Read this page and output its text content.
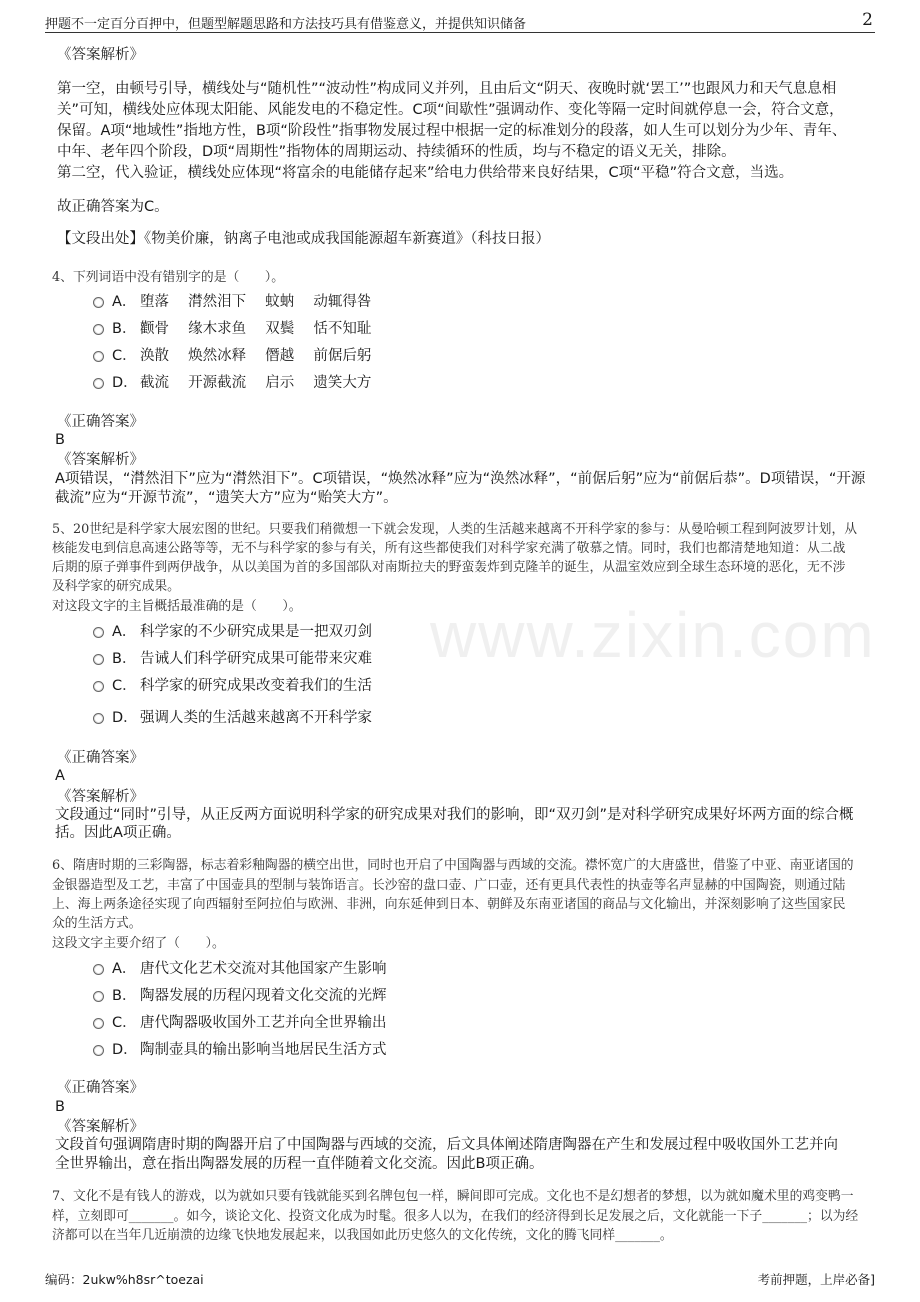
押题不一定百分百押中，但题型解题思路和方法技巧具有借鉴意义，并提供知识储备	2
www.zixin.com
《答案解析》
第一空，由顿号引导，横线处与“随机性”“波动性”构成同义并列，且由后文“阴天、夜晚时就‘罢工’”也跟风力和天气息息相
关”可知，横线处应体现太阳能、风能发电的不稳定性。C项“间歇性”强调动作、变化等隔一定时间就停息一会，符合文意，
保留。A项“地域性”指地方性，B项“阶段性”指事物发展过程中根据一定的标准划分的段落，如人生可以划分为少年、青年、
中年、老年四个阶段，D项“周期性”指物体的周期运动、持续循环的性质，均与不稳定的语义无关，排除。
第二空，代入验证，横线处应体现“将富余的电能储存起来”给电力供给带来良好结果，C项“平稳”符合文意，当选。
故正确答案为C。
【文段出处】《物美价廉，钠离子电池或成我国能源超车新赛道》（科技日报）
4、下列词语中没有错别字的是（　　）。
A． 堕落　 潸然泪下　 蚊蚋　 动辄得咎
B． 颧骨　 缘木求鱼　 双鬓　 恬不知耻
C． 涣散　 焕然冰释　 僭越　 前倨后躬
D． 截流　 开源截流　 启示　 遗笑大方
《正确答案》
B
《答案解析》
A项错误，“潸然泪下”应为“潸然泪下”。C项错误，“焕然冰释”应为“涣然冰释”，“前倨后躬”应为“前倨后恭”。D项错误，“开源
截流”应为“开源节流”，“遗笑大方”应为“贻笑大方”。
5、20世纪是科学家大展宏图的世纪。只要我们稍微想一下就会发现，人类的生活越来越离不开科学家的参与：从曼哈顿工程到阿波罗计划，从
核能发电到信息高速公路等等，无不与科学家的参与有关，所有这些都使我们对科学家充满了敬慕之情。同时，我们也都清楚地知道：从二战
后期的原子弹事件到两伊战争，从以美国为首的多国部队对南斯拉夫的野蛮轰炸到克隆羊的诞生，从温室效应到全球生态环境的恶化，无不涉
及科学家的研究成果。
对这段文字的主旨概括最准确的是（　　）。
A． 科学家的不少研究成果是一把双刃剑
B． 告诫人们科学研究成果可能带来灾难
C． 科学家的研究成果改变着我们的生活
D． 强调人类的生活越来越离不开科学家
《正确答案》
A
《答案解析》
文段通过“同时”引导，从正反两方面说明科学家的研究成果对我们的影响，即“双刃剑”是对科学研究成果好坏两方面的综合概
括。因此A项正确。
6、隋唐时期的三彩陶器，标志着彩釉陶器的横空出世，同时也开启了中国陶器与西域的交流。襟怀宽广的大唐盛世，借鉴了中亚、南亚诸国的
金银器造型及工艺，丰富了中国壶具的型制与装饰语言。长沙窑的盘口壶、广口壶，还有更具代表性的执壶等名声显赫的中国陶瓷，则通过陆
上、海上两条途径实现了向西辐射至阿拉伯与欧洲、非洲，向东延伸到日本、朝鲜及东南亚诸国的商品与文化输出，并深刻影响了这些国家民
众的生活方式。
这段文字主要介绍了（　　）。
A． 唐代文化艺术交流对其他国家产生影响
B． 陶器发展的历程闪现着文化交流的光辉
C． 唐代陶器吸收国外工艺并向全世界输出
D． 陶制壶具的输出影响当地居民生活方式
《正确答案》
B
《答案解析》
文段首句强调隋唐时期的陶器开启了中国陶器与西域的交流，后文具体阐述隋唐陶器在产生和发展过程中吸收国外工艺并向
全世界输出，意在指出陶器发展的历程一直伴随着文化交流。因此B项正确。
7、文化不是有钱人的游戏，以为就如只要有钱就能买到名牌包包一样，瞬间即可完成。文化也不是幻想者的梦想，以为就如魔术里的鸡变鸭一
样，立刻即可_______。如今，谈论文化、投资文化成为时髦。很多人以为，在我们的经济得到长足发展之后，文化就能一下子_______；以为经
济都可以在当年几近崩溃的边缘飞快地发展起来，以我国如此历史悠久的文化传统，文化的腾飞同样_______。
编码：2ukw%h8sr^toezai	考前押题，上岸必备]
